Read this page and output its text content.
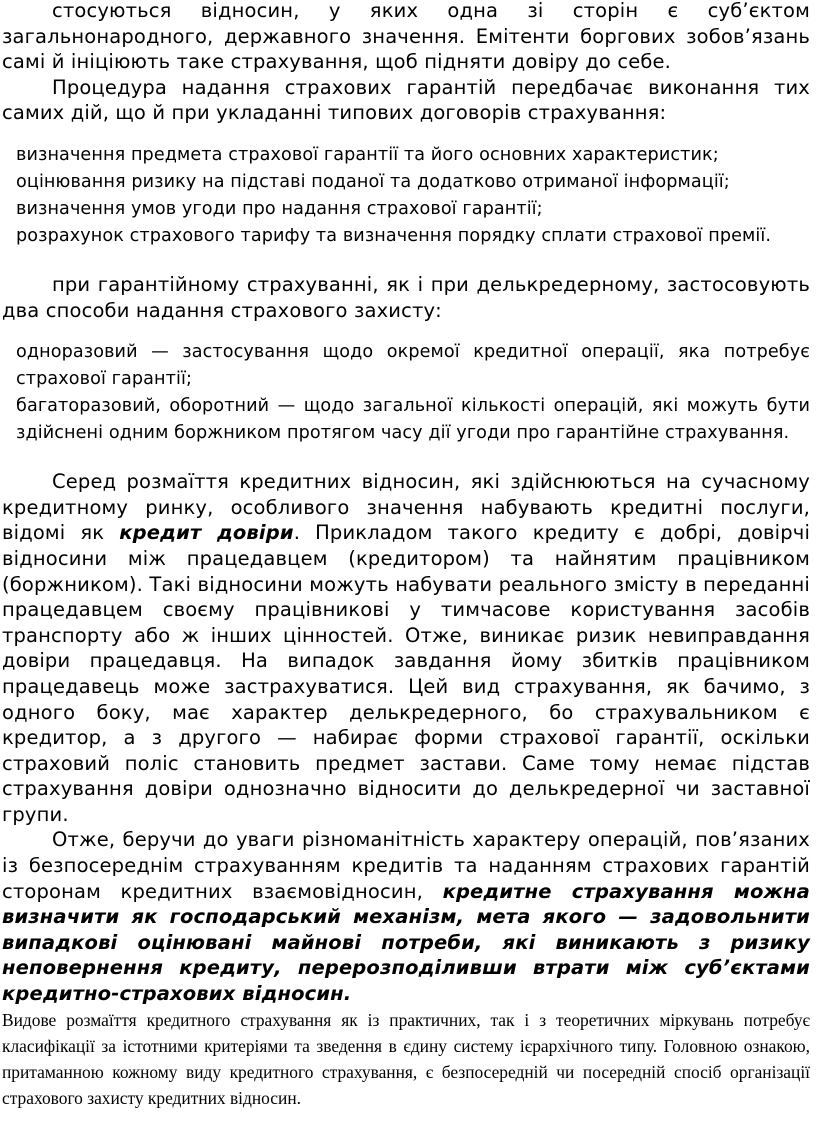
стосуються відносин, у яких одна зі сторін є суб’єктом загальнонародного, державного значення. Емітенти боргових зобов’язань самі й ініціюють таке страхування, щоб підняти довіру до себе.

Процедура надання страхових гарантій передбачає виконання тих самих дій, що й при укладанні типових договорів страхування:

визначення предмета страхової гарантії та його основних характеристик;

оцінювання ризику на підставі поданої та додатково отриманої інформації;

визначення умов угоди про надання страхової гарантії;

розрахунок страхового тарифу та визначення порядку сплати страхової премії.

при гарантійному страхуванні, як і при делькредерному, застосовують два способи надання страхового захисту:

одноразовий — застосування щодо окремої кредитної операції, яка потребує страхової гарантії;

багаторазовий, оборотний — щодо загальної кількості операцій, які можуть бути здійснені одним боржником протягом часу дії угоди про гарантійне страхування.

Серед розмаїття кредитних відносин, які здійснюються на сучасному кредитному ринку, особливого значення набувають кредитні послуги, відомі як кредит довіри. Прикладом такого кредиту є добрі, довірчі відносини між працедавцем (кредитором) та найнятим працівником (боржником). Такі відносини можуть набувати реального змісту в переданні працедавцем своєму працівникові у тимчасове користування засобів транспорту або ж інших цінностей. Отже, виникає ризик невиправдання довіри працедавця. На випадок завдання йому збитків працівником працедавець може застрахуватися. Цей вид страхування, як бачимо, з одного боку, має характер делькредерного, бо страхувальником є кредитор, а з другого — набирає форми страхової гарантії, оскільки страховий поліс становить предмет застави. Саме тому немає підстав страхування довіри однозначно відносити до делькредерної чи заставної групи.

Отже, беручи до уваги різноманітність характеру операцій, пов’язаних із безпосереднім страхуванням кредитів та наданням страхових гарантій сторонам кредитних взаємовідносин, кредитне страхування можна визначити як господарський механізм, мета якого — задовольнити випадкові оцінювані майнові потреби, які виникають з ризику неповернення кредиту, перерозподіливши втрати між суб’єктами кредитно-страхових відносин.

Видове розмаїття кредитного страхування як із практичних, так і з теоретичних міркувань потребує класифікації за істотними критеріями та зведення в єдину систему ієрархічного типу. Головною ознакою, притаманною кожному виду кредитного страхування, є безпосередній чи посередній спосіб організації страхового захисту кредитних відносин.
